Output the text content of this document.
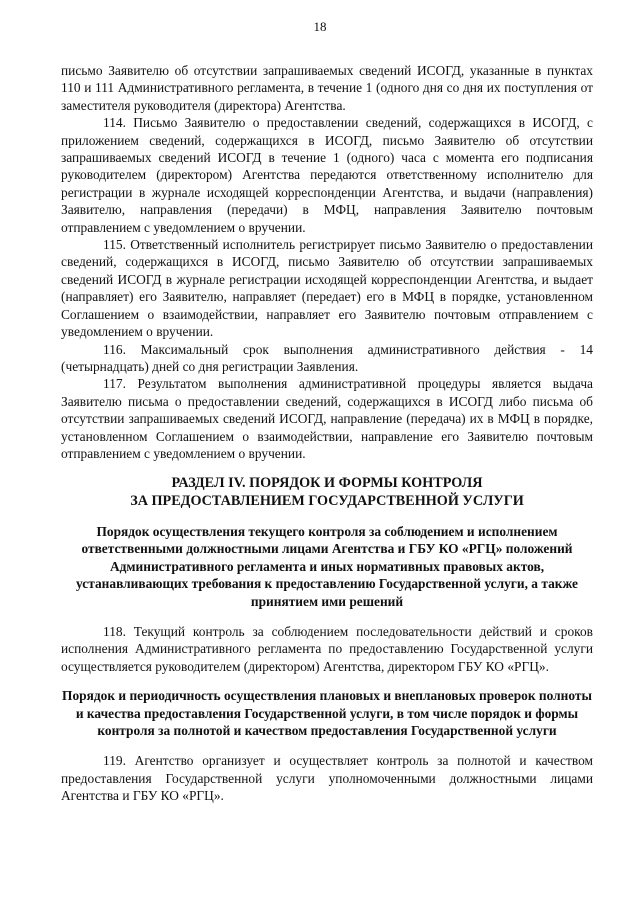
18

письмо Заявителю об отсутствии запрашиваемых сведений ИСОГД, указанные в пунктах 110 и 111 Административного регламента, в течение 1 (одного дня со дня их поступления от заместителя руководителя (директора) Агентства.

114. Письмо Заявителю о предоставлении сведений, содержащихся в ИСОГД, с приложением сведений, содержащихся в ИСОГД, письмо Заявителю об отсутствии запрашиваемых сведений ИСОГД в течение 1 (одного) часа с момента его подписания руководителем (директором) Агентства передаются ответственному исполнителю для регистрации в журнале исходящей корреспонденции Агентства, и выдачи (направления) Заявителю, направления (передачи) в МФЦ, направления Заявителю почтовым отправлением с уведомлением о вручении.

115. Ответственный исполнитель регистрирует письмо Заявителю о предоставлении сведений, содержащихся в ИСОГД, письмо Заявителю об отсутствии запрашиваемых сведений ИСОГД в журнале регистрации исходящей корреспонденции Агентства, и выдает (направляет) его Заявителю, направляет (передает) его в МФЦ в порядке, установленном Соглашением о взаимодействии, направляет его Заявителю почтовым отправлением с уведомлением о вручении.

116. Максимальный срок выполнения административного действия - 14 (четырнадцать) дней со дня регистрации Заявления.

117. Результатом выполнения административной процедуры является выдача Заявителю письма о предоставлении сведений, содержащихся в ИСОГД либо письма об отсутствии запрашиваемых сведений ИСОГД, направление (передача) их в МФЦ в порядке, установленном Соглашением о взаимодействии, направление его Заявителю почтовым отправлением с уведомлением о вручении.

РАЗДЕЛ IV. ПОРЯДОК И ФОРМЫ КОНТРОЛЯ
ЗА ПРЕДОСТАВЛЕНИЕМ ГОСУДАРСТВЕННОЙ УСЛУГИ

Порядок осуществления текущего контроля за соблюдением и исполнением ответственными должностными лицами Агентства и ГБУ КО «РГЦ» положений Административного регламента и иных нормативных правовых актов, устанавливающих требования к предоставлению Государственной услуги, а также принятием ими решений

118. Текущий контроль за соблюдением последовательности действий и сроков исполнения Административного регламента по предоставлению Государственной услуги осуществляется руководителем (директором) Агентства, директором ГБУ КО «РГЦ».

Порядок и периодичность осуществления плановых и внеплановых проверок полноты и качества предоставления Государственной услуги, в том числе порядок и формы контроля за полнотой и качеством предоставления Государственной услуги

119. Агентство организует и осуществляет контроль за полнотой и качеством предоставления Государственной услуги уполномоченными должностными лицами Агентства и ГБУ КО «РГЦ».
